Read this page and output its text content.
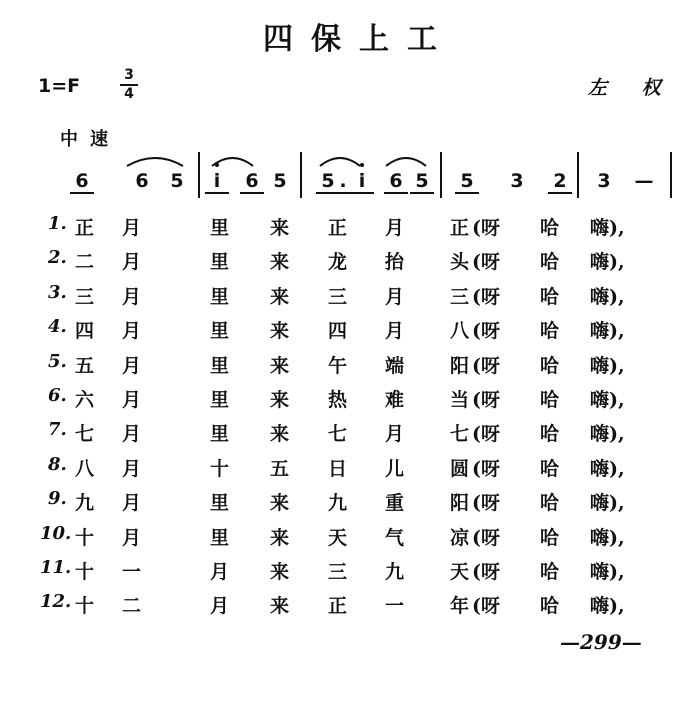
四保上工
1=F	3
4	左 权
中速
6 6 5	i	6 5 5 . i	6 5 5 3 2 3 —
1. 正 月	里 来 正 月 正 (呀 哈 嗨),
2. 二 月	里 来 龙 抬 头 (呀 哈 嗨),
3. 三 月	里 来 三 月 三 (呀 哈 嗨),
4. 四 月	里 来 四 月 八 (呀 哈 嗨),
5. 五 月	里 来 午 端 阳 (呀 哈 嗨),
6. 六 月	里 来 热 难 当 (呀 哈 嗨),
7. 七 月	里 来 七 月 七 (呀 哈 嗨),
8. 八 月	十 五 日 儿 圆 (呀 哈 嗨),
9. 九 月	里 来 九 重 阳 (呀 哈 嗨),
10. 十 月	里 来 天 气 凉 (呀 哈 嗨),
11. 十 一	月 来 三 九 天 (呀 哈 嗨),
12. 十 二	月 来 正 一 年 (呀 哈 嗨),
—299—
